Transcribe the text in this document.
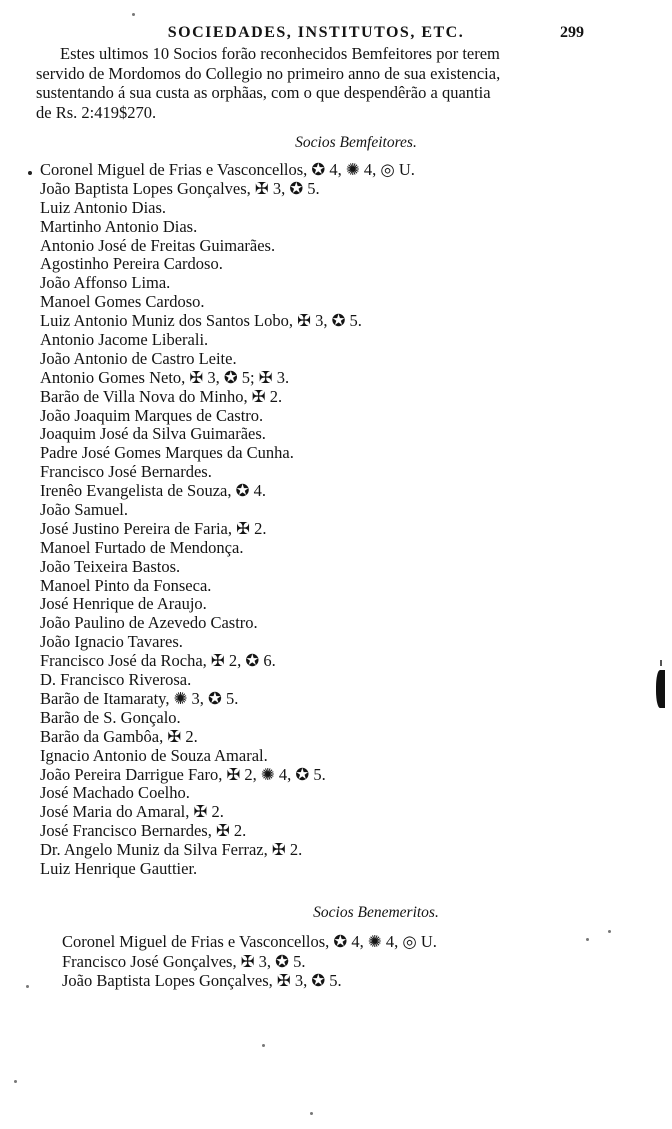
SOCIEDADES, INSTITUTOS, ETC.	299

Estes ultimos 10 Socios forão reconhecidos Bemfeitores por terem
servido de Mordomos do Collegio no primeiro anno de sua existencia,
sustentando á sua custa as orphãas, com o que despendêrão a quantia
de Rs. 2:419$270.

Socios Bemfeitores.
Coronel Miguel de Frias e Vasconcellos, ✪ 4, ✺ 4, ◎ U.
João Baptista Lopes Gonçalves, ✠ 3, ✪ 5.
Luiz Antonio Dias.
Martinho Antonio Dias.
Antonio José de Freitas Guimarães.
Agostinho Pereira Cardoso.
João Affonso Lima.
Manoel Gomes Cardoso.
Luiz Antonio Muniz dos Santos Lobo, ✠ 3, ✪ 5.
Antonio Jacome Liberali.
João Antonio de Castro Leite.
Antonio Gomes Neto, ✠ 3, ✪ 5; ✠ 3.
Barão de Villa Nova do Minho, ✠ 2.
João Joaquim Marques de Castro.
Joaquim José da Silva Guimarães.
Padre José Gomes Marques da Cunha.
Francisco José Bernardes.
Irenêo Evangelista de Souza, ✪ 4.
João Samuel.
José Justino Pereira de Faria, ✠ 2.
Manoel Furtado de Mendonça.
João Teixeira Bastos.
Manoel Pinto da Fonseca.
José Henrique de Araujo.
João Paulino de Azevedo Castro.
João Ignacio Tavares.
Francisco José da Rocha, ✠ 2, ✪ 6.
D. Francisco Riverosa.
Barão de Itamaraty, ✺ 3, ✪ 5.
Barão de S. Gonçalo.
Barão da Gambôa, ✠ 2.
Ignacio Antonio de Souza Amaral.
João Pereira Darrigue Faro, ✠ 2, ✺ 4, ✪ 5.
José Machado Coelho.
José Maria do Amaral, ✠ 2.
José Francisco Bernardes, ✠ 2.
Dr. Angelo Muniz da Silva Ferraz, ✠ 2.
Luiz Henrique Gauttier.
Socios Benemeritos.
Coronel Miguel de Frias e Vasconcellos, ✪ 4, ✺ 4, ◎ U.
Francisco José Gonçalves, ✠ 3, ✪ 5.
João Baptista Lopes Gonçalves, ✠ 3, ✪ 5.
